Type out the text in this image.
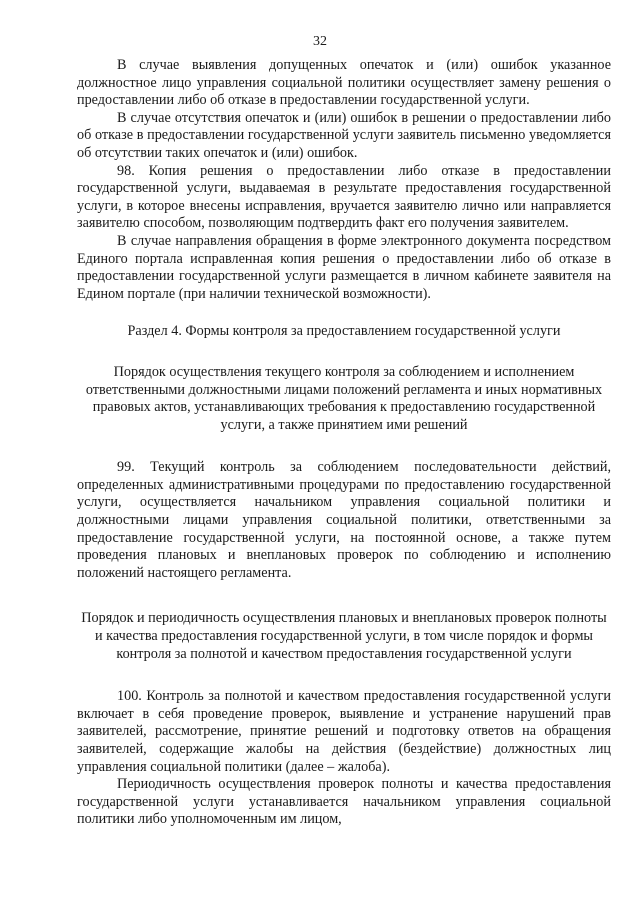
32

В случае выявления допущенных опечаток и (или) ошибок указанное должностное лицо управления социальной политики осуществляет замену решения о предоставлении либо об отказе в предоставлении государственной услуги.

В случае отсутствия опечаток и (или) ошибок в решении о предоставлении либо об отказе в предоставлении государственной услуги заявитель письменно уведомляется об отсутствии таких опечаток и (или) ошибок.

98. Копия решения о предоставлении либо отказе в предоставлении государственной услуги, выдаваемая в результате предоставления государственной услуги, в которое внесены исправления, вручается заявителю лично или направляется заявителю способом, позволяющим подтвердить факт его получения заявителем.

В случае направления обращения в форме электронного документа посредством Единого портала исправленная копия решения о предоставлении либо об отказе в предоставлении государственной услуги размещается в личном кабинете заявителя на Едином портале (при наличии технической возможности).

Раздел 4. Формы контроля за предоставлением государственной услуги

Порядок осуществления текущего контроля за соблюдением и исполнением ответственными должностными лицами положений регламента и иных нормативных правовых актов, устанавливающих требования к предоставлению государственной услуги, а также принятием ими решений

99. Текущий контроль за соблюдением последовательности действий, определенных административными процедурами по предоставлению государственной услуги, осуществляется начальником управления социальной политики и должностными лицами управления социальной политики, ответственными за предоставление государственной услуги, на постоянной основе, а также путем проведения плановых и внеплановых проверок по соблюдению и исполнению положений настоящего регламента.

Порядок и периодичность осуществления плановых и внеплановых проверок полноты и качества предоставления государственной услуги, в том числе порядок и формы контроля за полнотой и качеством предоставления государственной услуги

100. Контроль за полнотой и качеством предоставления государственной услуги включает в себя проведение проверок, выявление и устранение нарушений прав заявителей, рассмотрение, принятие решений и подготовку ответов на обращения заявителей, содержащие жалобы на действия (бездействие) должностных лиц управления социальной политики (далее – жалоба).

Периодичность осуществления проверок полноты и качества предоставления государственной услуги устанавливается начальником управления социальной политики либо уполномоченным им лицом,
